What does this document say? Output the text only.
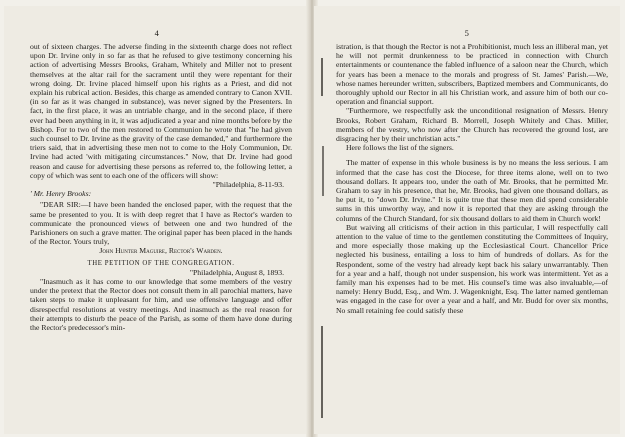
4

out of sixteen charges. The adverse finding in the sixteenth charge does not reflect upon Dr. Irvine only in so far as that he refused to give testimony concerning his action of advertising Messrs Brooks, Graham, Whitely and Miller not to present themselves at the altar rail for the sacrament until they were repentant for their wrong doing. Dr. Irvine placed himself upon his rights as a Priest, and did not explain his rubrical action. Besides, this charge as amended contrary to Canon XVII. (in so far as it was changed in substance), was never signed by the Presenters. In fact, in the first place, it was an untriable charge, and in the second place, if there ever had been anything in it, it was adjudicated a year and nine months before by the Bishop. For to two of the men restored to Communion he wrote that "he had given such counsel to Dr. Irvine as the gravity of the case demanded," and furthermore the triers said, that in advertising these men not to come to the Holy Communion, Dr. Irvine had acted 'with mitigating circumstances." Now, that Dr. Irvine had good reason and cause for advertising these persons as referred to, the following letter, a copy of which was sent to each one of the officers will show:

"Philadelphia, 8-11-93.

' Mr. Henry Brooks:

"DEAR SIR:—I have been handed the enclosed paper, with the request that the same be presented to you. It is with deep regret that I have as Rector's warden to communicate the pronounced views of between one and two hundred of the Parishioners on such a grave matter. The original paper has been placed in the hands of the Rector. Yours truly,

John Hunter Maguire, Rector's Warden.

THE PETITION OF THE CONGREGATION.

"Philadelphia, August 8, 1893.

"Inasmuch as it has come to our knowledge that some members of the vestry under the pretext that the Rector does not consult them in all parochial matters, have taken steps to make it unpleasant for him, and use offensive language and offer disrespectful resolutions at vestry meetings. And inasmuch as the real reason for their attempts to disturb the peace of the Parish, as some of them have done during the Rector's predecessor's min-

5

istration, is that though the Rector is not a Prohibitionist, much less an illiberal man, yet he will not permit drunkenness to be practiced in connection with Church entertainments or countenance the fabled influence of a saloon near the Church, which for years has been a menace to the morals and progress of St. James' Parish.—We, whose names hereunder written, subscribers, Baptized members and Communicants, do thoroughly uphold our Rector in all his Christian work, and assure him of both our co-operation and financial support.

"Furthermore, we respectfully ask the unconditional resignation of Messrs. Henry Brooks, Robert Graham, Richard B. Morrell, Joseph Whitely and Chas. Miller, members of the vestry, who now after the Church has recovered the ground lost, are disgracing her by their unchristian acts."

Here follows the list of the signers.

The matter of expense in this whole business is by no means the less serious. I am informed that the case has cost the Diocese, for three items alone, well on to two thousand dollars. It appears too, under the oath of Mr. Brooks, that he permitted Mr. Graham to say in his presence, that he, Mr. Brooks, had given one thousand dollars, as he put it, to "down Dr. Irvine." It is quite true that these men did spend considerable sums in this unworthy way, and now it is reported that they are asking through the columns of the Church Standard, for six thousand dollars to aid them in Church work!

But waiving all criticisms of their action in this particular, I will respectfully call attention to the value of time to the gentlemen constituting the Committees of Inquiry, and more especially those making up the Ecclesiastical Court. Chancellor Price neglected his business, entailing a loss to him of hundreds of dollars. As for the Respondent, some of the vestry had already kept back his salary unwarrantably. Then for a year and a half, though not under suspension, his work was intermittent. Yet as a family man his expenses had to be met. His counsel's time was also invaluable,—of namely: Henry Budd, Esq., and Wm. J. Wagenknight, Esq. The latter named gentleman was engaged in the case for over a year and a half, and Mr. Budd for over six months, No small retaining fee could satisfy these
